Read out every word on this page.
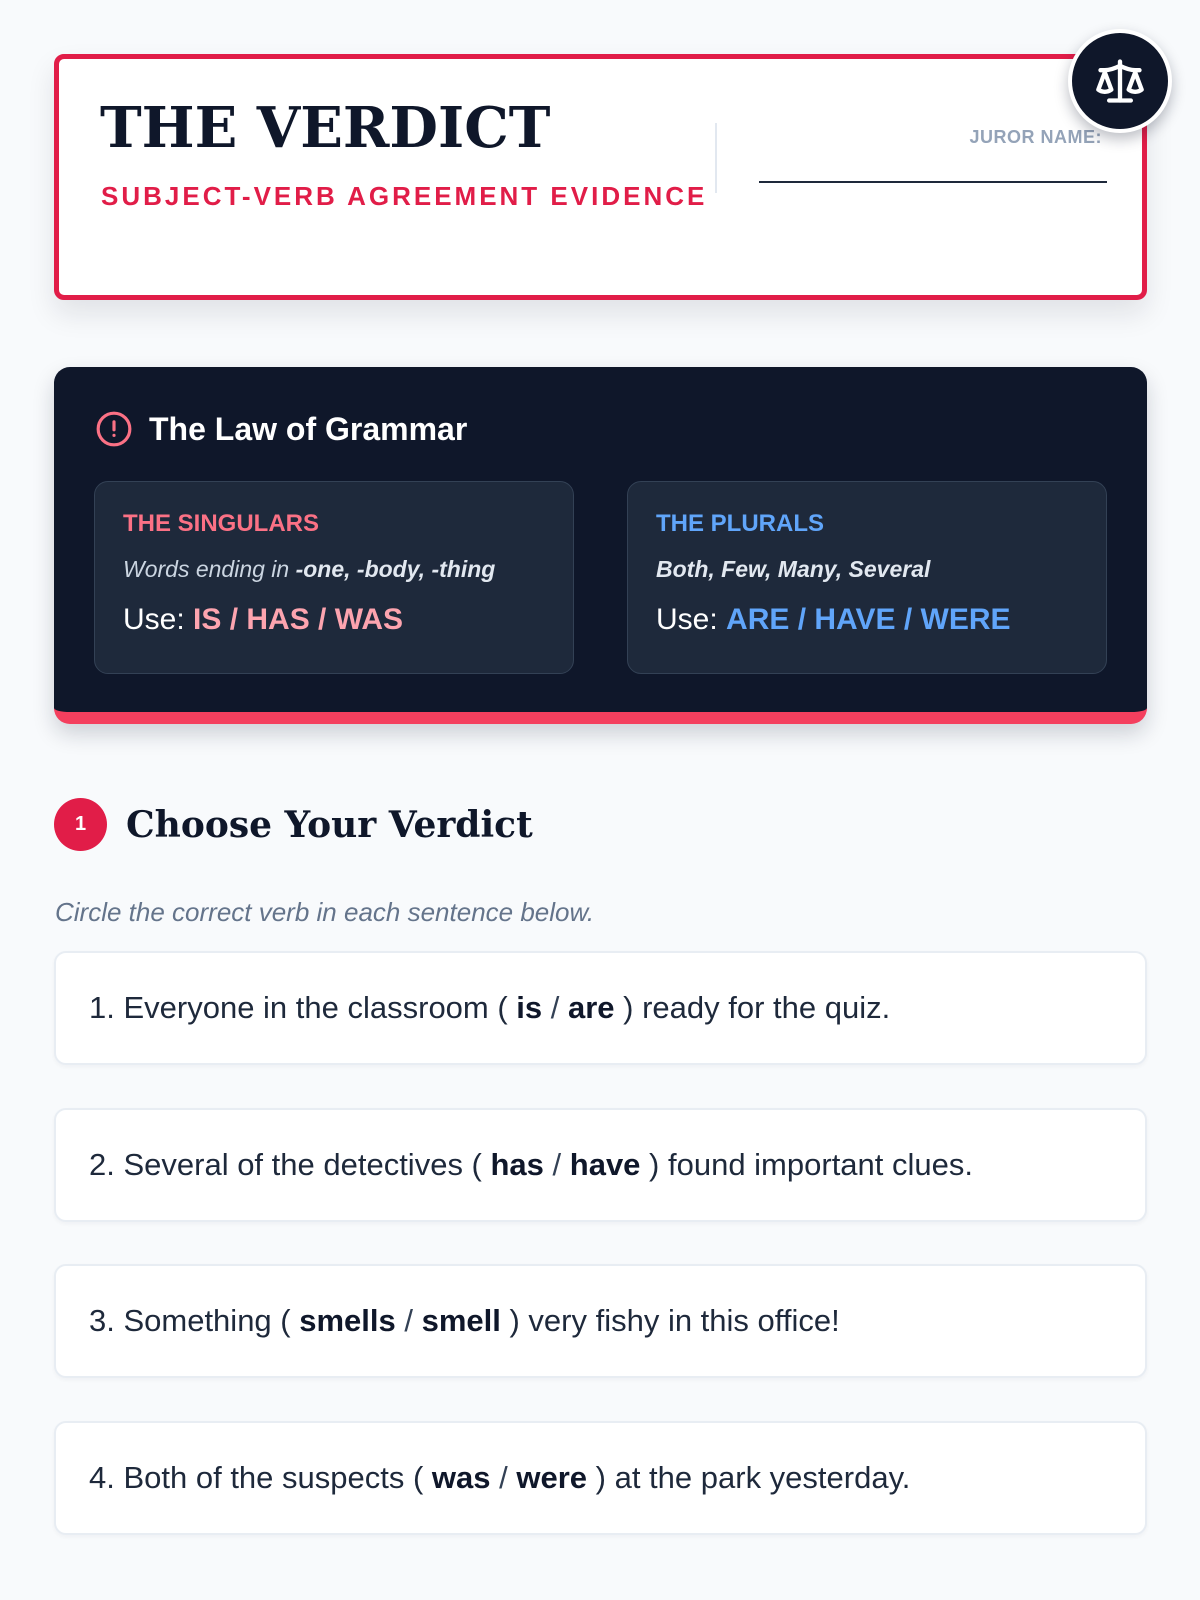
THE VERDICT
SUBJECT-VERB AGREEMENT EVIDENCE
JUROR NAME:
The Law of Grammar
THE SINGULARS
Words ending in -one, -body, -thing
Use: IS / HAS / WAS
THE PLURALS
Both, Few, Many, Several
Use: ARE / HAVE / WERE
1	Choose Your Verdict
Circle the correct verb in each sentence below.
1. Everyone in the classroom ( is / are ) ready for the quiz.
2. Several of the detectives ( has / have ) found important clues.
3. Something ( smells / smell ) very fishy in this office!
4. Both of the suspects ( was / were ) at the park yesterday.
